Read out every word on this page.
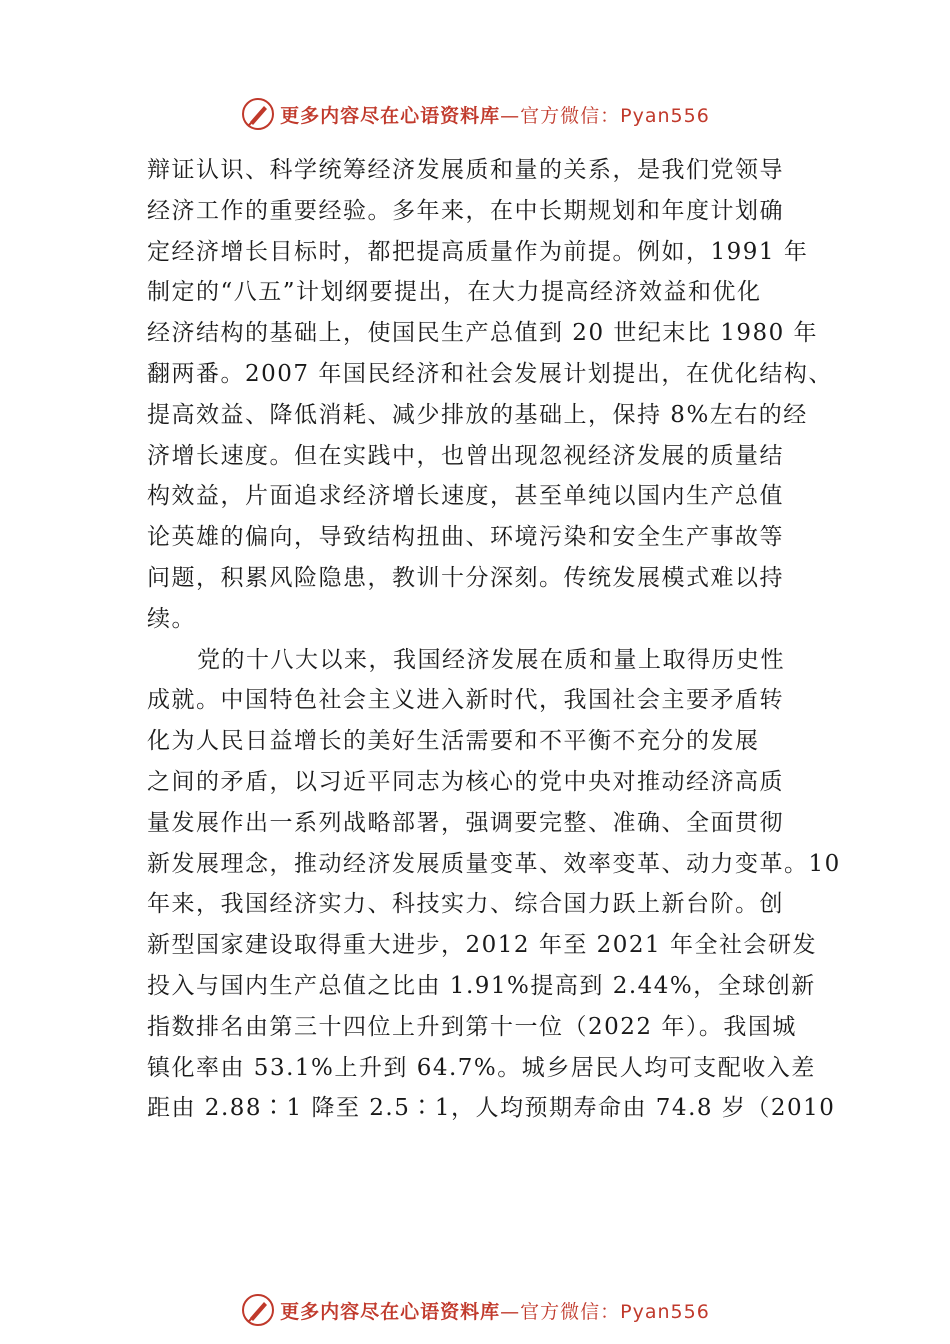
更多内容尽在心语资料库 —官方微信：Pyan556
辩证认识、科学统筹经济发展质和量的关系，是我们党领导
经济工作的重要经验。多年来，在中长期规划和年度计划确
定经济增长目标时，都把提高质量作为前提。例如，1991 年
制定的“八五”计划纲要提出，在大力提高经济效益和优化
经济结构的基础上，使国民生产总值到 20 世纪末比 1980 年
翻两番。2007 年国民经济和社会发展计划提出，在优化结构、
提高效益、降低消耗、减少排放的基础上，保持 8%左右的经
济增长速度。但在实践中，也曾出现忽视经济发展的质量结
构效益，片面追求经济增长速度，甚至单纯以国内生产总值
论英雄的偏向，导致结构扭曲、环境污染和安全生产事故等
问题，积累风险隐患，教训十分深刻。传统发展模式难以持
续。
党的十八大以来，我国经济发展在质和量上取得历史性
成就。中国特色社会主义进入新时代，我国社会主要矛盾转
化为人民日益增长的美好生活需要和不平衡不充分的发展
之间的矛盾，以习近平同志为核心的党中央对推动经济高质
量发展作出一系列战略部署，强调要完整、准确、全面贯彻
新发展理念，推动经济发展质量变革、效率变革、动力变革。10
年来，我国经济实力、科技实力、综合国力跃上新台阶。创
新型国家建设取得重大进步，2012 年至 2021 年全社会研发
投入与国内生产总值之比由 1.91%提高到 2.44%，全球创新
指数排名由第三十四位上升到第十一位（2022 年）。我国城
镇化率由 53.1%上升到 64.7%。城乡居民人均可支配收入差
距由 2.88∶1 降至 2.5∶1，人均预期寿命由 74.8 岁（2010
更多内容尽在心语资料库 —官方微信：Pyan556
